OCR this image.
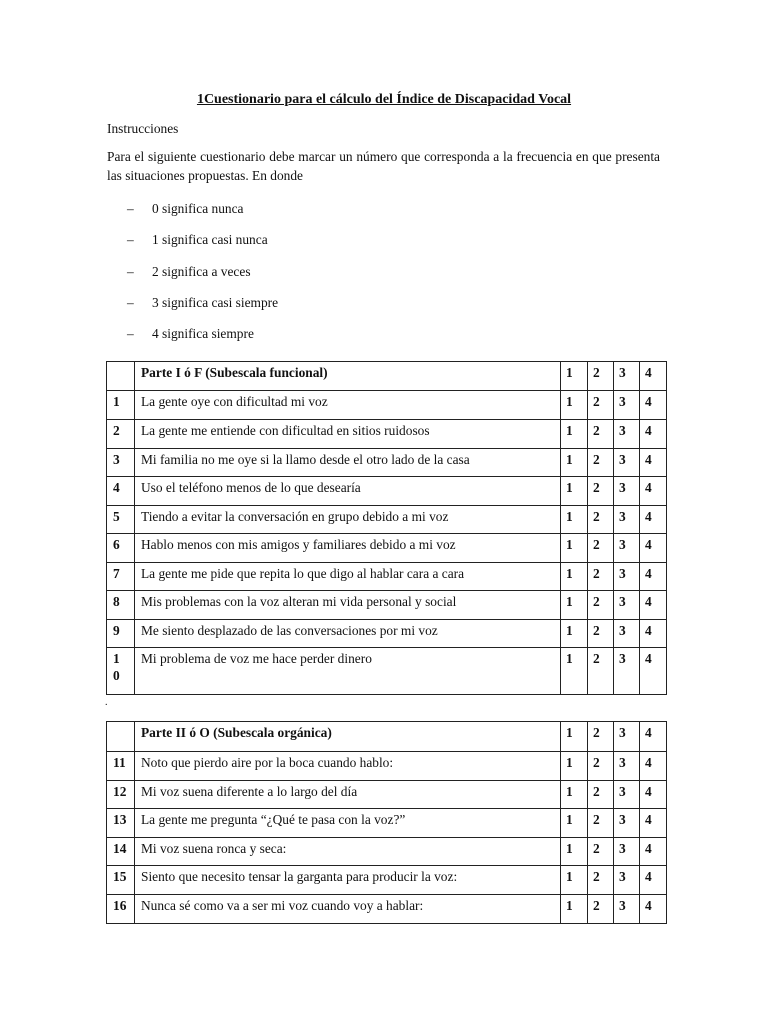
1Cuestionario para el cálculo del Índice de Discapacidad Vocal
Instrucciones
Para el siguiente cuestionario debe marcar un número que corresponda a la frecuencia en que presenta las situaciones propuestas. En donde
– 0 significa nunca
– 1 significa casi nunca
– 2 significa a veces
– 3 significa casi siempre
– 4 significa siempre
	Parte I ó F (Subescala funcional)	1	2	3	4
1	La gente oye con dificultad mi voz	1	2	3	4
2	La gente me entiende con dificultad en sitios ruidosos	1	2	3	4
3	Mi familia no me oye si la llamo desde el otro lado de la casa	1	2	3	4
4	Uso el teléfono menos de lo que desearía	1	2	3	4
5	Tiendo a evitar la conversación en grupo debido a mi voz	1	2	3	4
6	Hablo menos con mis amigos y familiares debido a mi voz	1	2	3	4
7	La gente me pide que repita lo que digo al hablar cara a cara	1	2	3	4
8	Mis problemas con la voz alteran mi vida personal y social	1	2	3	4
9	Me siento desplazado de las conversaciones por mi voz	1	2	3	4
1 0	Mi problema de voz me hace perder dinero	1	2	3	4
.
	Parte II ó O (Subescala orgánica)	1	2	3	4
11	Noto que pierdo aire por la boca cuando hablo:	1	2	3	4
12	Mi voz suena diferente a lo largo del día	1	2	3	4
13	La gente me pregunta “¿Qué te pasa con la voz?”	1	2	3	4
14	Mi voz suena ronca y seca:	1	2	3	4
15	Siento que necesito tensar la garganta para producir la voz:	1	2	3	4
16	Nunca sé como va a ser mi voz cuando voy a hablar:	1	2	3	4
